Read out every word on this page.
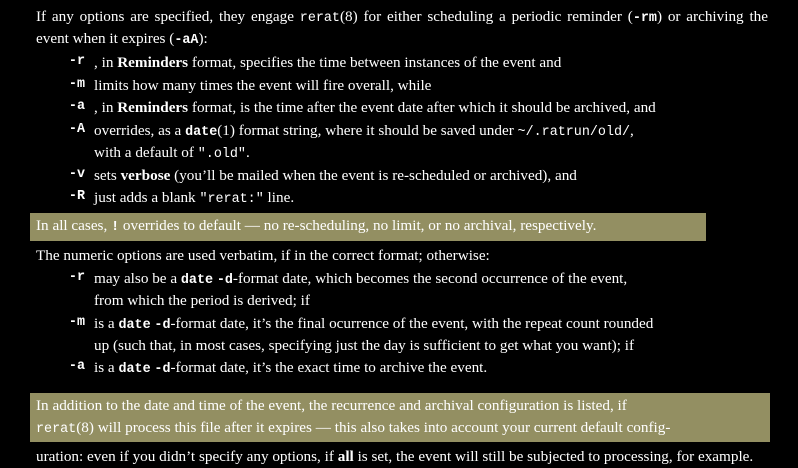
If any options are specified, they engage rerat(8) for either scheduling a periodic reminder (-rm) or archiving the event when it expires (-aA):

-r , in Reminders format, specifies the time between instances of the event and
-m limits how many times the event will fire overall, while
-a , in Reminders format, is the time after the event date after which it should be archived, and
-A overrides, as a date(1) format string, where it should be saved under ~/.ratrun/old/,
with a default of ".old".
-v sets verbose (you’ll be mailed when the event is re-scheduled or archived), and
-R just adds a blank "rerat:" line.
In all cases, ! overrides to default — no re-scheduling, no limit, or no archival, respectively.

The numeric options are used verbatim, if in the correct format; otherwise:

-r may also be a date -d-format date, which becomes the second occurrence of the event,
from which the period is derived; if
-m is a date -d-format date, it’s the final ocurrence of the event, with the repeat count rounded
up (such that, in most cases, specifying just the day is sufficient to get what you want); if
-a is a date -d-format date, it’s the exact time to archive the event.
In addition to the date and time of the event, the recurrence and archival configuration is listed, if
rerat(8) will process this file after it expires — this also takes into account your current default config-

uration: even if you didn’t specify any options, if all is set, the event will still be subjected to processing, for example.
